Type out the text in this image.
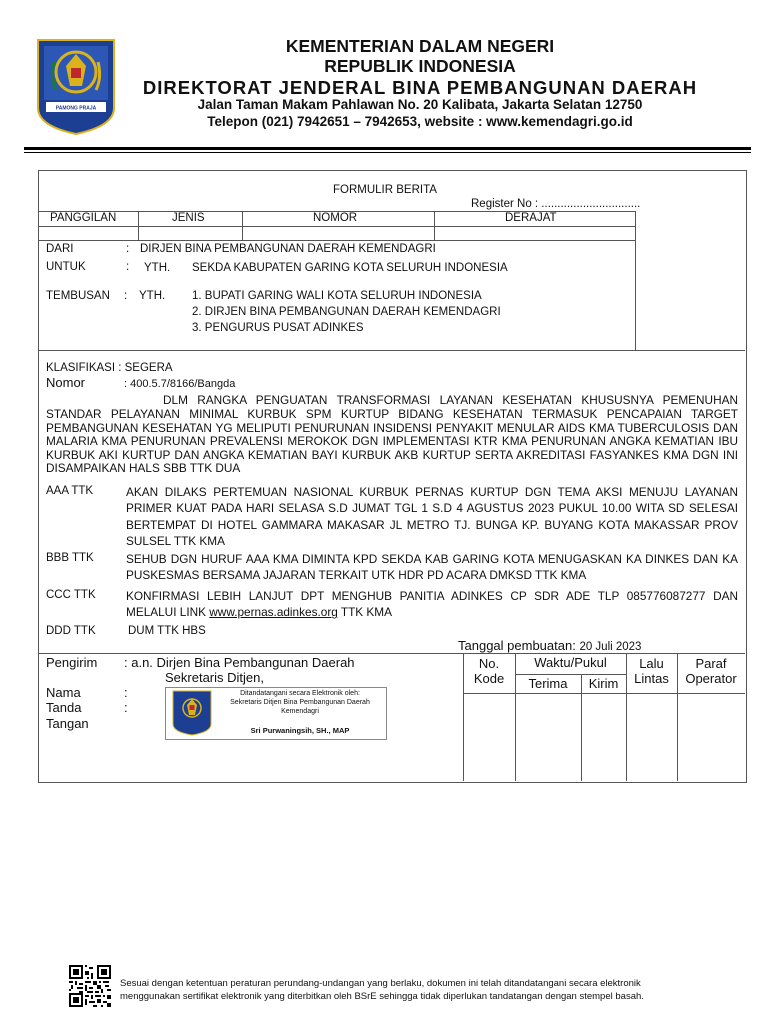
PAMONG PRAJA
KEMENTERIAN DALAM NEGERI
REPUBLIK INDONESIA
DIREKTORAT JENDERAL BINA PEMBANGUNAN DAERAH
Jalan Taman Makam Pahlawan No. 20 Kalibata, Jakarta Selatan 12750
Telepon (021) 7942651 – 7942653, website : www.kemendagri.go.id
FORMULIR BERITA
Register No : ...............................
PANGGILAN	JENIS	NOMOR	DERAJAT
DARI	: DIRJEN BINA PEMBANGUNAN DAERAH KEMENDAGRI
UNTUK	: YTH. SEKDA KABUPATEN GARING KOTA SELURUH INDONESIA
TEMBUSAN : YTH. 1. BUPATI GARING WALI KOTA SELURUH INDONESIA
2. DIRJEN BINA PEMBANGUNAN DAERAH KEMENDAGRI
3. PENGURUS PUSAT ADINKES
KLASIFIKASI : SEGERA
Nomor	: 400.5.7/8166/Bangda
DLM RANGKA PENGUATAN TRANSFORMASI LAYANAN KESEHATAN KHUSUSNYA PEMENUHAN
STANDAR PELAYANAN MINIMAL KURBUK SPM KURTUP BIDANG KESEHATAN TERMASUK PENCAPAIAN TARGET PEMBANGUNAN KESEHATAN YG MELIPUTI PENURUNAN INSIDENSI PENYAKIT MENULAR AIDS KMA TUBERCULOSIS DAN MALARIA KMA PENURUNAN PREVALENSI MEROKOK DGN IMPLEMENTASI KTR KMA PENURUNAN ANGKA KEMATIAN IBU KURBUK AKI KURTUP DAN ANGKA KEMATIAN BAYI KURBUK AKB KURTUP SERTA AKREDITASI FASYANKES KMA DGN INI DISAMPAIKAN HALS SBB TTK DUA
AAA TTK	AKAN DILAKS PERTEMUAN NASIONAL KURBUK PERNAS KURTUP DGN TEMA AKSI MENUJU LAYANAN PRIMER KUAT PADA HARI SELASA S.D JUMAT TGL 1 S.D 4 AGUSTUS 2023 PUKUL 10.00 WITA SD SELESAI BERTEMPAT DI HOTEL GAMMARA MAKASAR JL METRO TJ. BUNGA KP. BUYANG KOTA MAKASSAR PROV SULSEL TTK KMA
BBB TTK	SEHUB DGN HURUF AAA KMA DIMINTA KPD SEKDA KAB GARING KOTA MENUGASKAN KA DINKES DAN KA PUSKESMAS BERSAMA JAJARAN TERKAIT UTK HDR PD ACARA DMKSD TTK KMA
CCC TTK	KONFIRMASI LEBIH LANJUT DPT MENGHUB PANITIA ADINKES CP SDR ADE TLP 085776087277 DAN MELALUI LINK www.pernas.adinkes.org TTK KMA
DDD TTK	DUM TTK HBS
Tanggal pembuatan: 20 Juli 2023
Pengirim : a.n. Dirjen Bina Pembangunan Daerah
Sekretaris Ditjen,
Nama	:
Tanda	:
Tangan
Ditandatangani secara Elektronik oleh:
Sekretaris Ditjen Bina Pembangunan Daerah
Kemendagri
Sri Purwaningsih, SH., MAP
No.
Kode
Waktu/Pukul
Terima	Kirim
Lalu
Lintas
Paraf
Operator
Sesuai dengan ketentuan peraturan perundang-undangan yang berlaku, dokumen ini telah ditandatangani secara elektronik
menggunakan sertifikat elektronik yang diterbitkan oleh BSrE sehingga tidak diperlukan tandatangan dengan stempel basah.
